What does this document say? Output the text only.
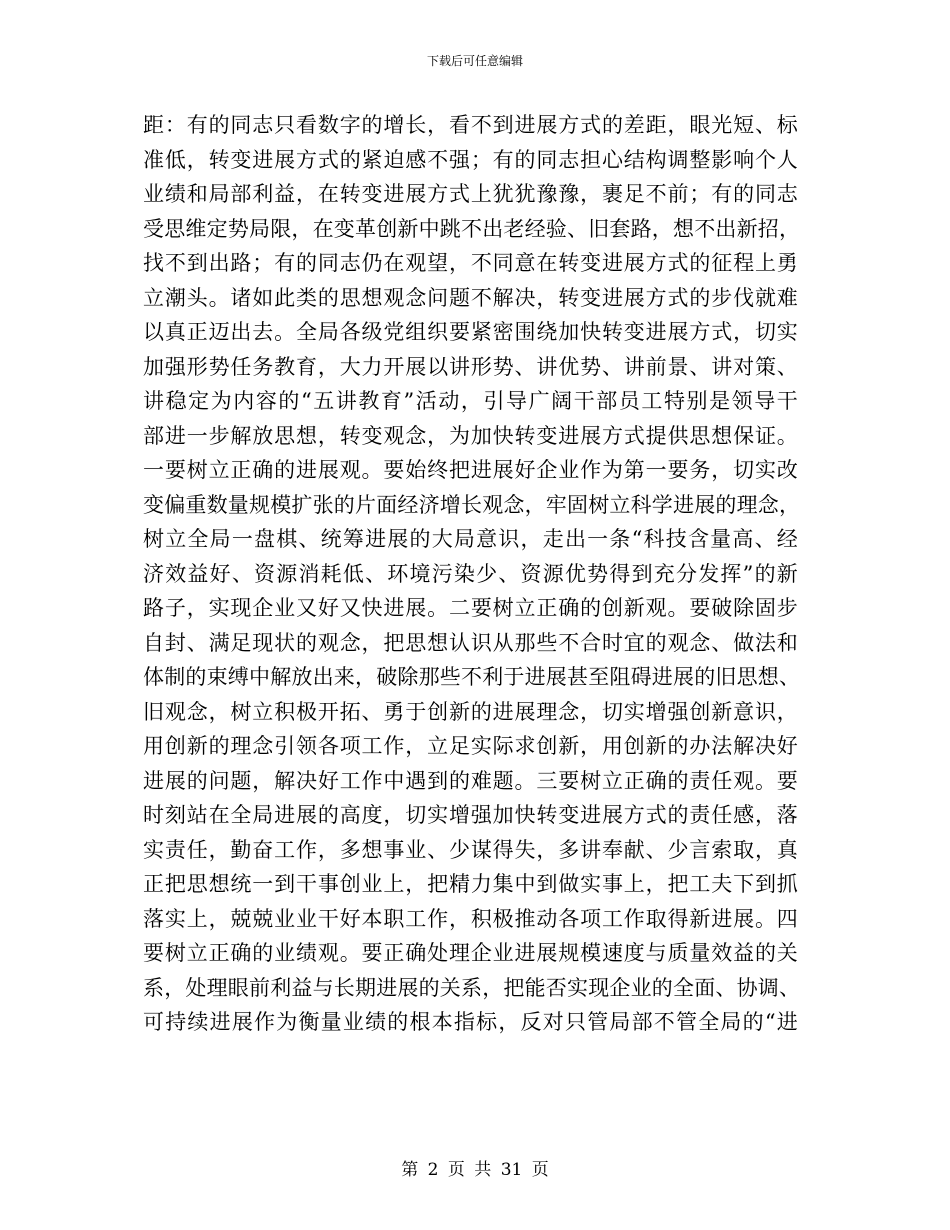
下载后可任意编辑
距：有的同志只看数字的增长，看不到进展方式的差距，眼光短、标
准低，转变进展方式的紧迫感不强；有的同志担心结构调整影响个人
业绩和局部利益，在转变进展方式上犹犹豫豫，裹足不前；有的同志
受思维定势局限，在变革创新中跳不出老经验、旧套路，想不出新招，
找不到出路；有的同志仍在观望，不同意在转变进展方式的征程上勇
立潮头。诸如此类的思想观念问题不解决，转变进展方式的步伐就难
以真正迈出去。全局各级党组织要紧密围绕加快转变进展方式，切实
加强形势任务教育，大力开展以讲形势、讲优势、讲前景、讲对策、
讲稳定为内容的“五讲教育”活动，引导广阔干部员工特别是领导干
部进一步解放思想，转变观念，为加快转变进展方式提供思想保证。
一要树立正确的进展观。要始终把进展好企业作为第一要务，切实改
变偏重数量规模扩张的片面经济增长观念，牢固树立科学进展的理念，
树立全局一盘棋、统筹进展的大局意识，走出一条“科技含量高、经
济效益好、资源消耗低、环境污染少、资源优势得到充分发挥”的新
路子，实现企业又好又快进展。二要树立正确的创新观。要破除固步
自封、满足现状的观念，把思想认识从那些不合时宜的观念、做法和
体制的束缚中解放出来，破除那些不利于进展甚至阻碍进展的旧思想、
旧观念，树立积极开拓、勇于创新的进展理念，切实增强创新意识，
用创新的理念引领各项工作，立足实际求创新，用创新的办法解决好
进展的问题，解决好工作中遇到的难题。三要树立正确的责任观。要
时刻站在全局进展的高度，切实增强加快转变进展方式的责任感，落
实责任，勤奋工作，多想事业、少谋得失，多讲奉献、少言索取，真
正把思想统一到干事创业上，把精力集中到做实事上，把工夫下到抓
落实上，兢兢业业干好本职工作，积极推动各项工作取得新进展。四
要树立正确的业绩观。要正确处理企业进展规模速度与质量效益的关
系，处理眼前利益与长期进展的关系，把能否实现企业的全面、协调、
可持续进展作为衡量业绩的根本指标，反对只管局部不管全局的“进
第 2 页 共 31 页
